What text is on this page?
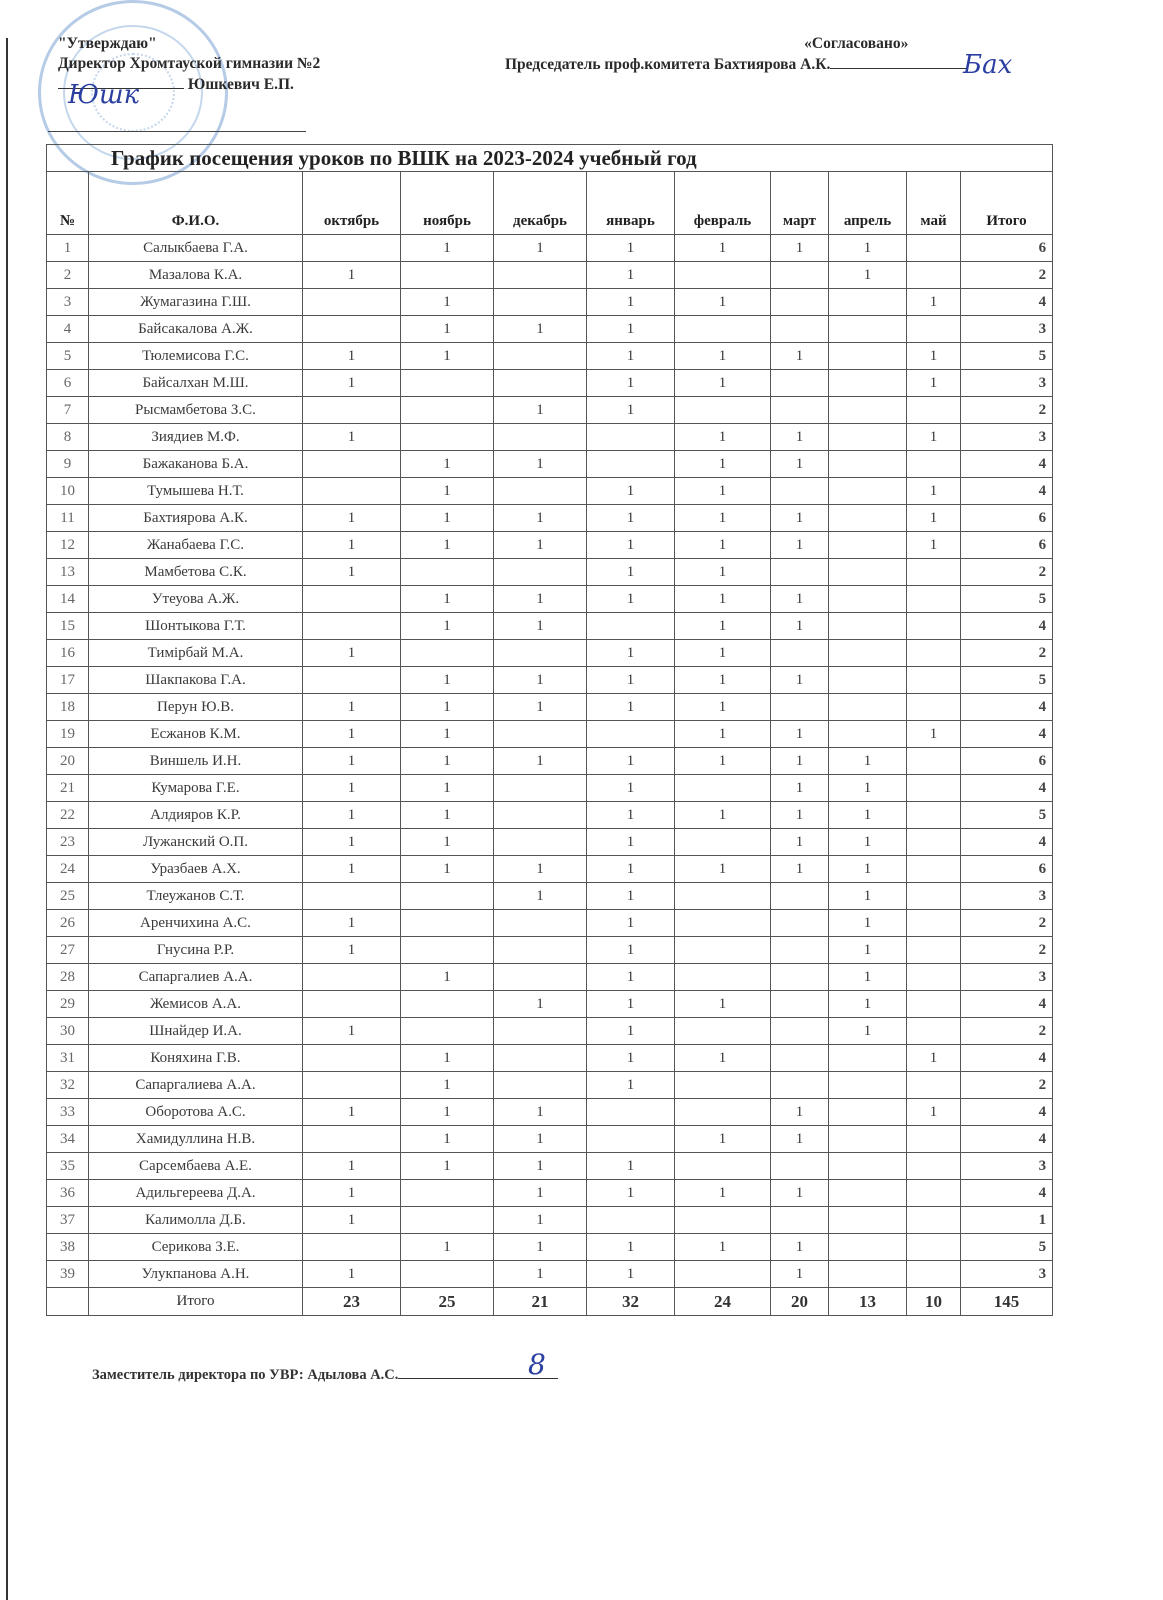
"Утверждаю"
Директор Хромтауской гимназии №2
Юшкевич Е.П.
Юшк
«Согласовано»
Председатель проф.комитета Бахтиярова А.К.	Бах
График посещения уроков по ВШК на 2023-2024 учебный год										
№	Ф.И.О.	октябрь	ноябрь	декабрь	январь	февраль	март	апрель	май	Итого
1	Салыкбаева Г.А.		1	1	1	1	1	1		6
2	Мазалова К.А.	1			1			1		2
3	Жумагазина Г.Ш.		1		1	1			1	4
4	Байсакалова А.Ж.		1	1	1					3
5	Тюлемисова Г.С.	1	1		1	1	1		1	5
6	Байсалхан М.Ш.	1			1	1			1	3
7	Рысмамбетова З.С.			1	1					2
8	Зиядиев М.Ф.	1				1	1		1	3
9	Бажаканова Б.А.		1	1		1	1			4
10	Тумышева Н.Т.		1		1	1			1	4
11	Бахтиярова А.К.	1	1	1	1	1	1		1	6
12	Жанабаева Г.С.	1	1	1	1	1	1		1	6
13	Мамбетова С.К.	1			1	1				2
14	Утеуова А.Ж.		1	1	1	1	1			5
15	Шонтыкова Г.Т.		1	1		1	1			4
16	Тимірбай М.А.	1			1	1				2
17	Шакпакова Г.А.		1	1	1	1	1			5
18	Перун Ю.В.	1	1	1	1	1				4
19	Есжанов К.М.	1	1			1	1		1	4
20	Виншель И.Н.	1	1	1	1	1	1	1		6
21	Кумарова Г.Е.	1	1		1		1	1		4
22	Алдияров К.Р.	1	1		1	1	1	1		5
23	Лужанский О.П.	1	1		1		1	1		4
24	Уразбаев А.Х.	1	1	1	1	1	1	1		6
25	Тлеужанов С.Т.			1	1			1		3
26	Аренчихина А.С.	1			1			1		2
27	Гнусина Р.Р.	1			1			1		2
28	Сапаргалиев А.А.		1		1			1		3
29	Жемисов А.А.			1	1	1		1		4
30	Шнайдер И.А.	1			1			1		2
31	Коняхина Г.В.		1		1	1			1	4
32	Сапаргалиева А.А.		1		1					2
33	Оборотова А.С.	1	1	1			1		1	4
34	Хамидуллина Н.В.		1	1		1	1			4
35	Сарсембаева А.Е.	1	1	1	1					3
36	Адильгереева Д.А.	1		1	1	1	1			4
37	Калимолла Д.Б.	1		1						1
38	Серикова З.Е.		1	1	1	1	1			5
39	Улукпанова А.Н.	1		1	1		1			3
	Итого	23	25	21	32	24	20	13	10	145
Заместитель директора по УВР: Адылова А.С.	8
